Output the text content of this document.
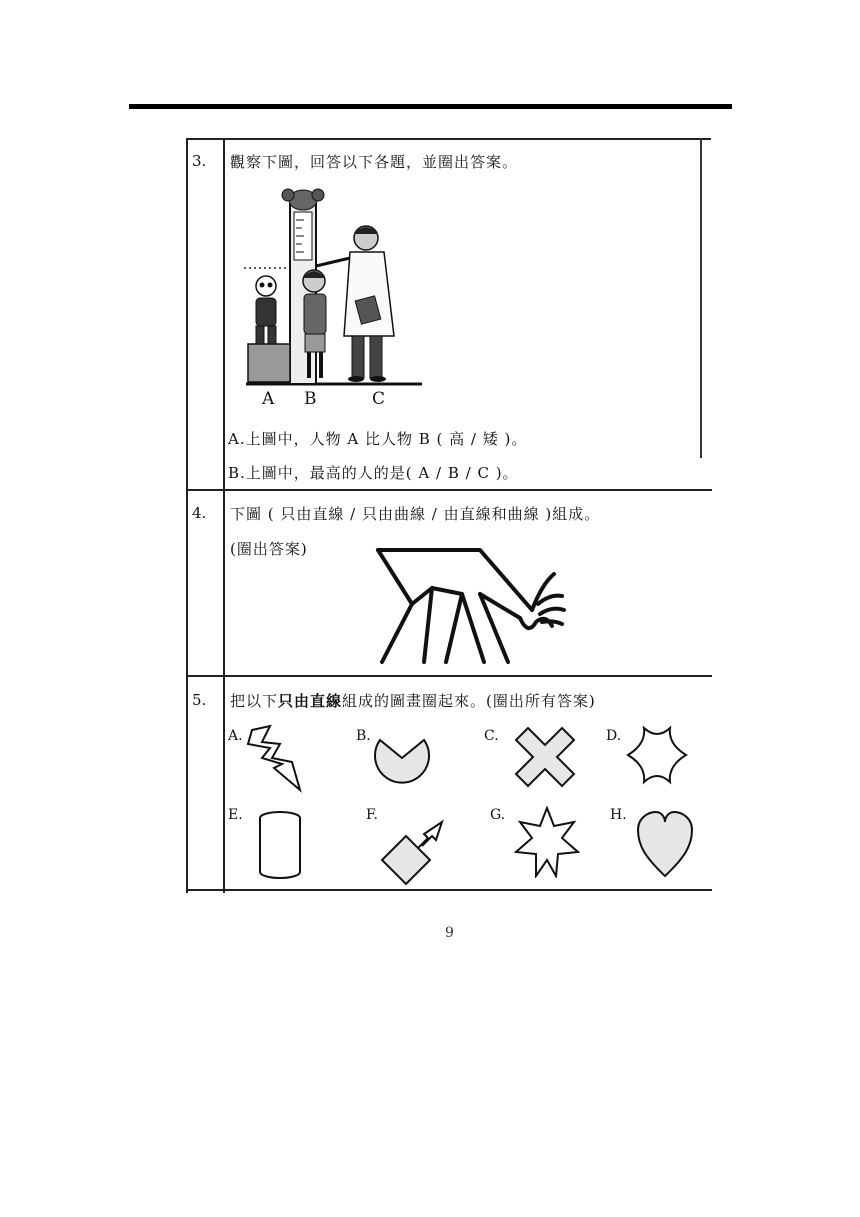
3. 觀察下圖，回答以下各題，並圈出答案。
A B	C
A.上圖中，人物 A 比人物 B ( 高 / 矮 )。
B.上圖中，最高的人的是( A / B / C )。
4. 下圖 ( 只由直線 / 只由曲線 / 由直線和曲線 )組成。
(圈出答案)
把以下只由直線組成的圖畫圈起來。(圈出所有答案)
5.
A.	B.	C.	D.
E.	F.	G.	H.
9
